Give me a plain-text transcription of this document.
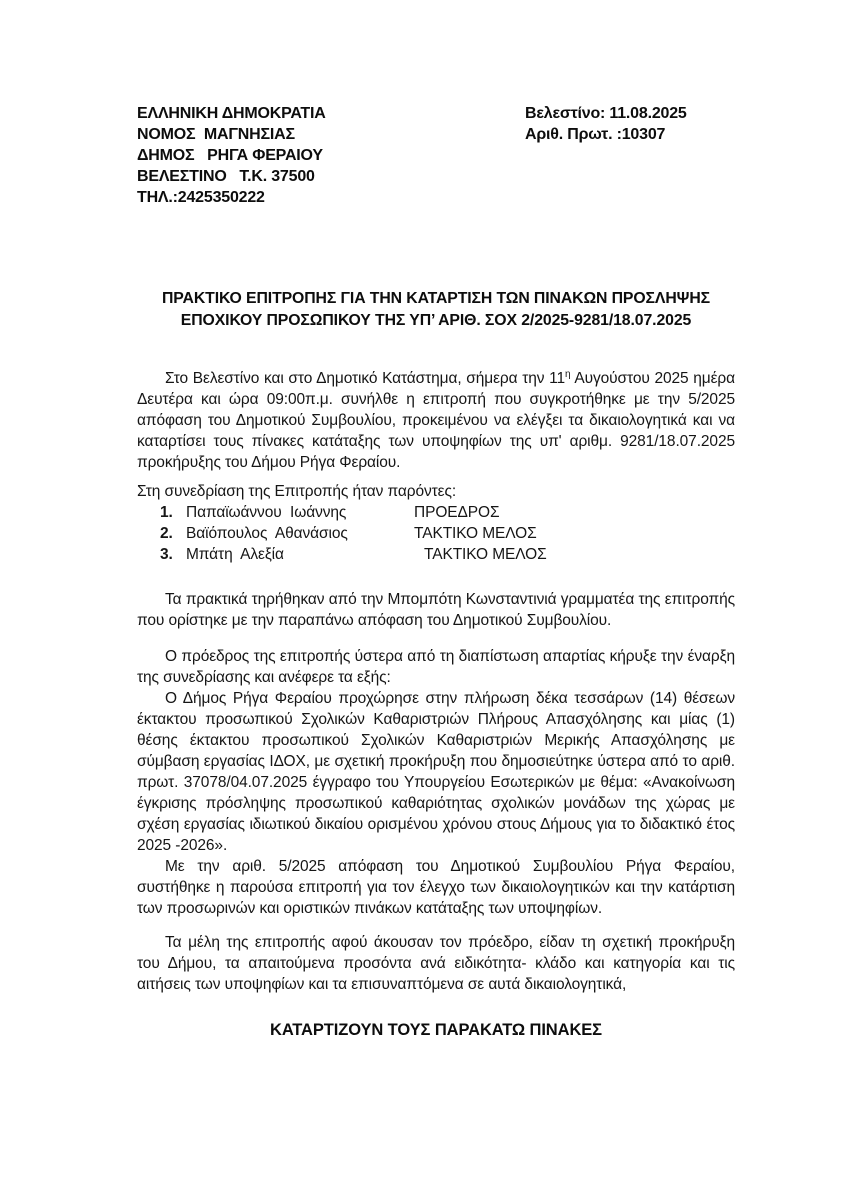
ΕΛΛΗΝΙΚΗ ΔΗΜΟΚΡΑΤΙΑ
ΝΟΜΟΣ  ΜΑΓΝΗΣΙΑΣ
ΔΗΜΟΣ   ΡΗΓΑ ΦΕΡΑΙΟΥ
ΒΕΛΕΣΤΙΝΟ   Τ.Κ. 37500
ΤΗΛ.:2425350222
Βελεστίνο: 11.08.2025
Αριθ. Πρωτ. :10307
ΠΡΑΚΤΙΚΟ ΕΠΙΤΡΟΠΗΣ ΓΙΑ ΤΗΝ ΚΑΤΑΡΤΙΣΗ ΤΩΝ ΠΙΝΑΚΩΝ ΠΡΟΣΛΗΨΗΣ
ΕΠΟΧΙΚΟΥ ΠΡΟΣΩΠΙΚΟΥ ΤΗΣ ΥΠ’ ΑΡΙΘ. ΣΟΧ 2/2025-9281/18.07.2025

Στο Βελεστίνο και στο Δημοτικό Κατάστημα, σήμερα την $11^\eta$ Αυγούστου 2025 ημέρα Δευτέρα και ώρα 09:00π.μ. συνήλθε η επιτροπή που συγκροτήθηκε με την 5/2025 απόφαση του Δημοτικού Συμβουλίου, προκειμένου να ελέγξει τα δικαιολογητικά και να καταρτίσει τους πίνακες κατάταξης των υποψηφίων της υπ' αριθμ. 9281/18.07.2025 προκήρυξης του Δήμου Ρήγα Φεραίου.

Στη συνεδρίαση της Επιτροπής ήταν παρόντες:

1. Παπαϊωάννου  Ιωάννης	ΠΡΟΕΔΡΟΣ
2. Βαϊόπουλος  Αθανάσιος	ΤΑΚΤΙΚΟ ΜΕΛΟΣ
3. Μπάτη  Αλεξία	ΤΑΚΤΙΚΟ ΜΕΛΟΣ

Τα πρακτικά τηρήθηκαν από την Μπομπότη Κωνσταντινιά γραμματέα της επιτροπής που ορίστηκε με την παραπάνω απόφαση του Δημοτικού Συμβουλίου.

Ο πρόεδρος της επιτροπής ύστερα από τη διαπίστωση απαρτίας κήρυξε την έναρξη της συνεδρίασης και ανέφερε τα εξής:

Ο Δήμος Ρήγα Φεραίου προχώρησε στην πλήρωση δέκα τεσσάρων (14) θέσεων έκτακτου προσωπικού Σχολικών Καθαριστριών Πλήρους Απασχόλησης και μίας (1) θέσης έκτακτου προσωπικού Σχολικών Καθαριστριών Μερικής Απασχόλησης με σύμβαση εργασίας ΙΔΟΧ, με σχετική προκήρυξη που δημοσιεύτηκε ύστερα από το αριθ. πρωτ. 37078/04.07.2025 έγγραφο του Υπουργείου Εσωτερικών με θέμα: «Ανακοίνωση έγκρισης πρόσληψης προσωπικού καθαριότητας σχολικών μονάδων της χώρας με σχέση εργασίας ιδιωτικού δικαίου ορισμένου χρόνου στους Δήμους για το διδακτικό έτος 2025 -2026».

Με την αριθ. 5/2025 απόφαση του Δημοτικού Συμβουλίου Ρήγα Φεραίου, συστήθηκε η παρούσα επιτροπή για τον έλεγχο των δικαιολογητικών και την κατάρτιση των προσωρινών και οριστικών πινάκων κατάταξης των υποψηφίων.

Τα μέλη της επιτροπής αφού άκουσαν τον πρόεδρο, είδαν τη σχετική προκήρυξη του Δήμου, τα απαιτούμενα προσόντα ανά ειδικότητα- κλάδο και κατηγορία και τις αιτήσεις των υποψηφίων και τα επισυναπτόμενα σε αυτά δικαιολογητικά,

ΚΑΤΑΡΤΙΖΟΥΝ ΤΟΥΣ ΠΑΡΑΚΑΤΩ ΠΙΝΑΚΕΣ
